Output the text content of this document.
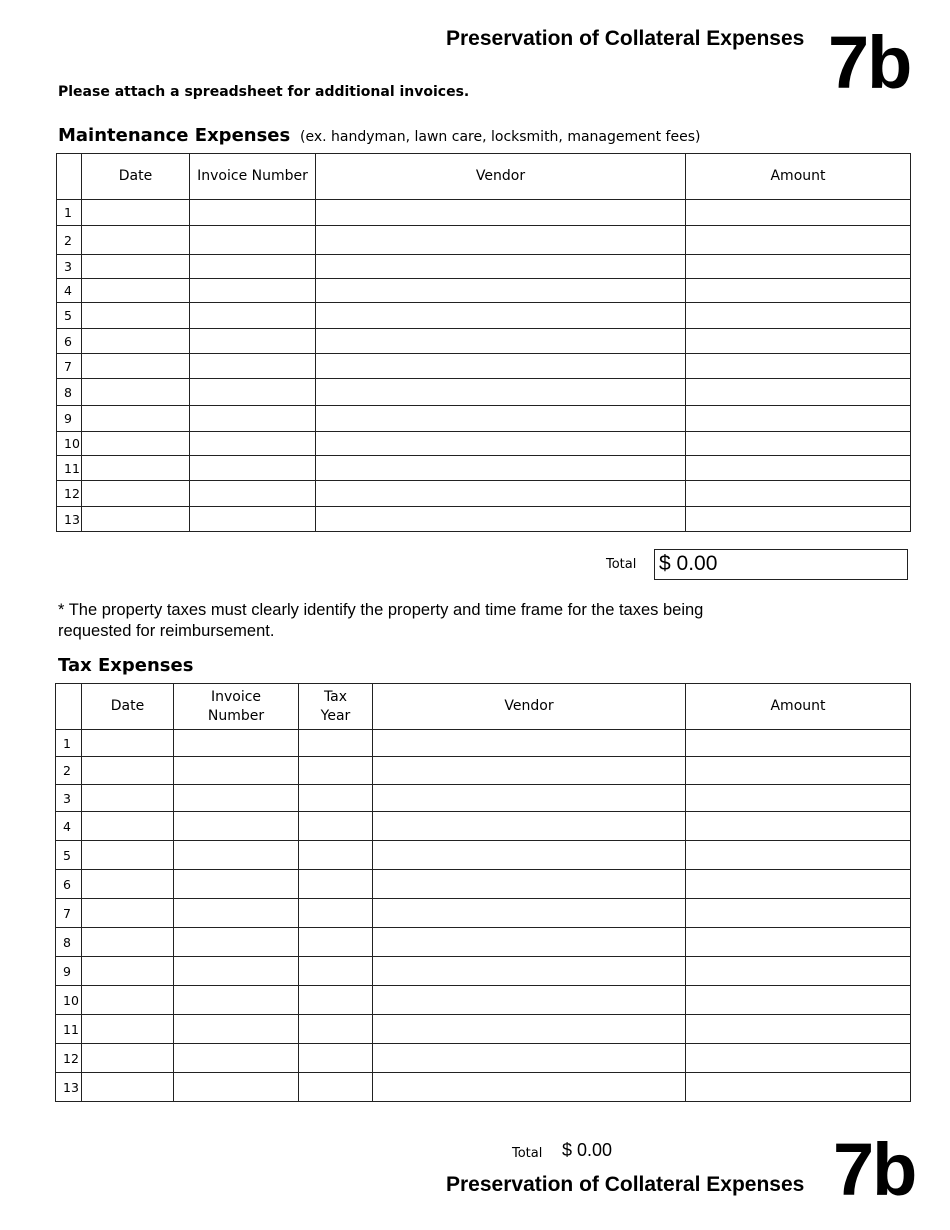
Preservation of Collateral Expenses 7b
Please attach a spreadsheet for additional invoices.
Maintenance Expenses (ex. handyman, lawn care, locksmith, management fees)
	Date	Invoice Number	Vendor	Amount
1				
2				
3				
4				
5				
6				
7				
8				
9				
10				
11				
12				
13				
Total $ 0.00
* The property taxes must clearly identify the property and time frame for the taxes being requested for reimbursement.
Tax Expenses
	Date	Invoice Number	Tax Year	Vendor	Amount
1					
2					
3					
4					
5					
6					
7					
8					
9					
10					
11					
12					
13					
Total $ 0.00
Preservation of Collateral Expenses 7b
